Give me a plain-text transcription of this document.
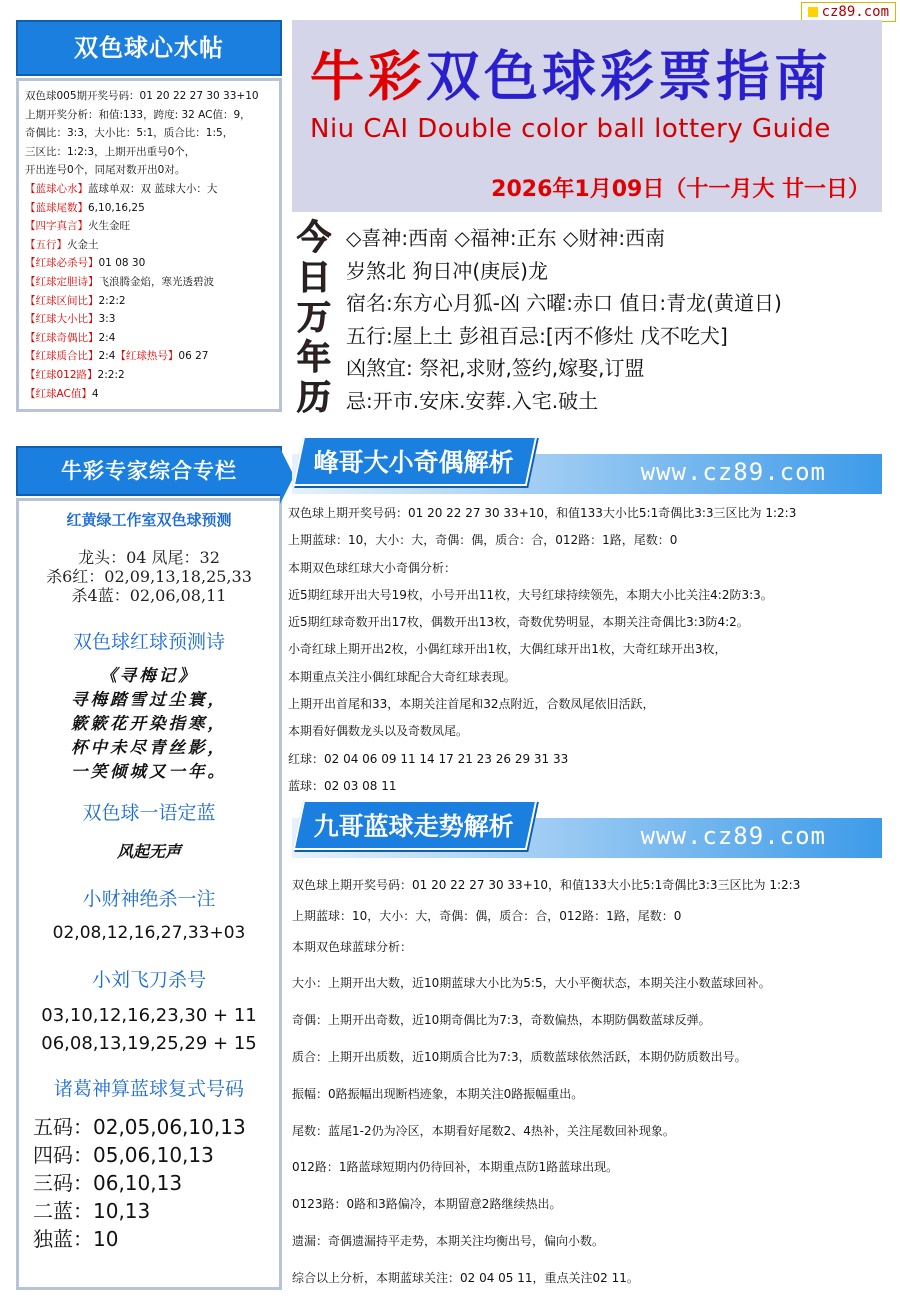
cz89.com
双色球心水帖
双色球005期开奖号码：01 20 22 27 30 33+10
上期开奖分析：和值:133，跨度: 32 AC值：9，
奇偶比：3:3，大小比：5:1，质合比：1:5，
三区比：1:2:3，上期开出重号0个，
开出连号0个，同尾对数开出0对。
【蓝球心水】蓝球单双：双 蓝球大小：大
【蓝球尾数】6,10,16,25
【四字真言】火生金旺
【五行】火金土
【红球必杀号】01 08 30
【红球定胆诗】飞浪腾金焰，寒光透碧波
【红球区间比】2:2:2
【红球大小比】3:3
【红球奇偶比】2:4
【红球质合比】2:4【红球热号】06 27
【红球012路】2:2:2
【红球AC值】4
牛彩专家综合专栏
红黄绿工作室双色球预测
龙头：04 凤尾：32
杀6红：02,09,13,18,25,33
杀4蓝：02,06,08,11
双色球红球预测诗
《寻梅记》
寻梅踏雪过尘寰，
簌簌花开染指寒，
杯中未尽青丝影，
一笑倾城又一年。
双色球一语定蓝
风起无声
小财神绝杀一注
02,08,12,16,27,33+03
小刘飞刀杀号
03,10,12,16,23,30 + 11
06,08,13,19,25,29 + 15
诸葛神算蓝球复式号码
五码：02,05,06,10,13
四码：05,06,10,13
三码：06,10,13
二蓝：10,13
独蓝：10
牛彩双色球彩票指南
Niu CAI Double color ball lottery Guide
2026年1月09日（十一月大 廿一日）
今
日
万
年
历
◇喜神:西南 ◇福神:正东 ◇财神:西南
岁煞北 狗日冲(庚辰)龙
宿名:东方心月狐-凶 六曜:赤口 值日:青龙(黄道日)
五行:屋上土 彭祖百忌:[丙不修灶 戊不吃犬]
凶煞宜: 祭祀,求财,签约,嫁娶,订盟
忌:开市.安床.安葬.入宅.破土
峰哥大小奇偶解析	www.cz89.com
双色球上期开奖号码：01 20 22 27 30 33+10，和值133大小比5:1奇偶比3:3三区比为 1:2:3
上期蓝球：10，大小：大，奇偶：偶，质合：合，012路：1路，尾数：0
本期双色球红球大小奇偶分析：
近5期红球开出大号19枚，小号开出11枚，大号红球持续领先，本期大小比关注4:2防3:3。
近5期红球奇数开出17枚，偶数开出13枚，奇数优势明显，本期关注奇偶比3:3防4:2。
小奇红球上期开出2枚，小偶红球开出1枚，大偶红球开出1枚，大奇红球开出3枚，
本期重点关注小偶红球配合大奇红球表现。
上期开出首尾和33，本期关注首尾和32点附近，合数凤尾依旧活跃，
本期看好偶数龙头以及奇数凤尾。
红球：02 04 06 09 11 14 17 21 23 26 29 31 33
蓝球：02 03 08 11
九哥蓝球走势解析	www.cz89.com
双色球上期开奖号码：01 20 22 27 30 33+10，和值133大小比5:1奇偶比3:3三区比为 1:2:3
上期蓝球：10，大小：大，奇偶：偶，质合：合，012路：1路，尾数：0
本期双色球蓝球分析：
大小：上期开出大数，近10期蓝球大小比为5:5，大小平衡状态，本期关注小数蓝球回补。
奇偶：上期开出奇数，近10期奇偶比为7:3，奇数偏热，本期防偶数蓝球反弹。
质合：上期开出质数，近10期质合比为7:3，质数蓝球依然活跃，本期仍防质数出号。
振幅：0路振幅出现断档迹象，本期关注0路振幅重出。
尾数：蓝尾1-2仍为冷区，本期看好尾数2、4热补，关注尾数回补现象。
012路：1路蓝球短期内仍待回补，本期重点防1路蓝球出现。
0123路：0路和3路偏冷，本期留意2路继续热出。
遗漏：奇偶遗漏持平走势，本期关注均衡出号，偏向小数。
综合以上分析，本期蓝球关注：02 04 05 11，重点关注02 11。
